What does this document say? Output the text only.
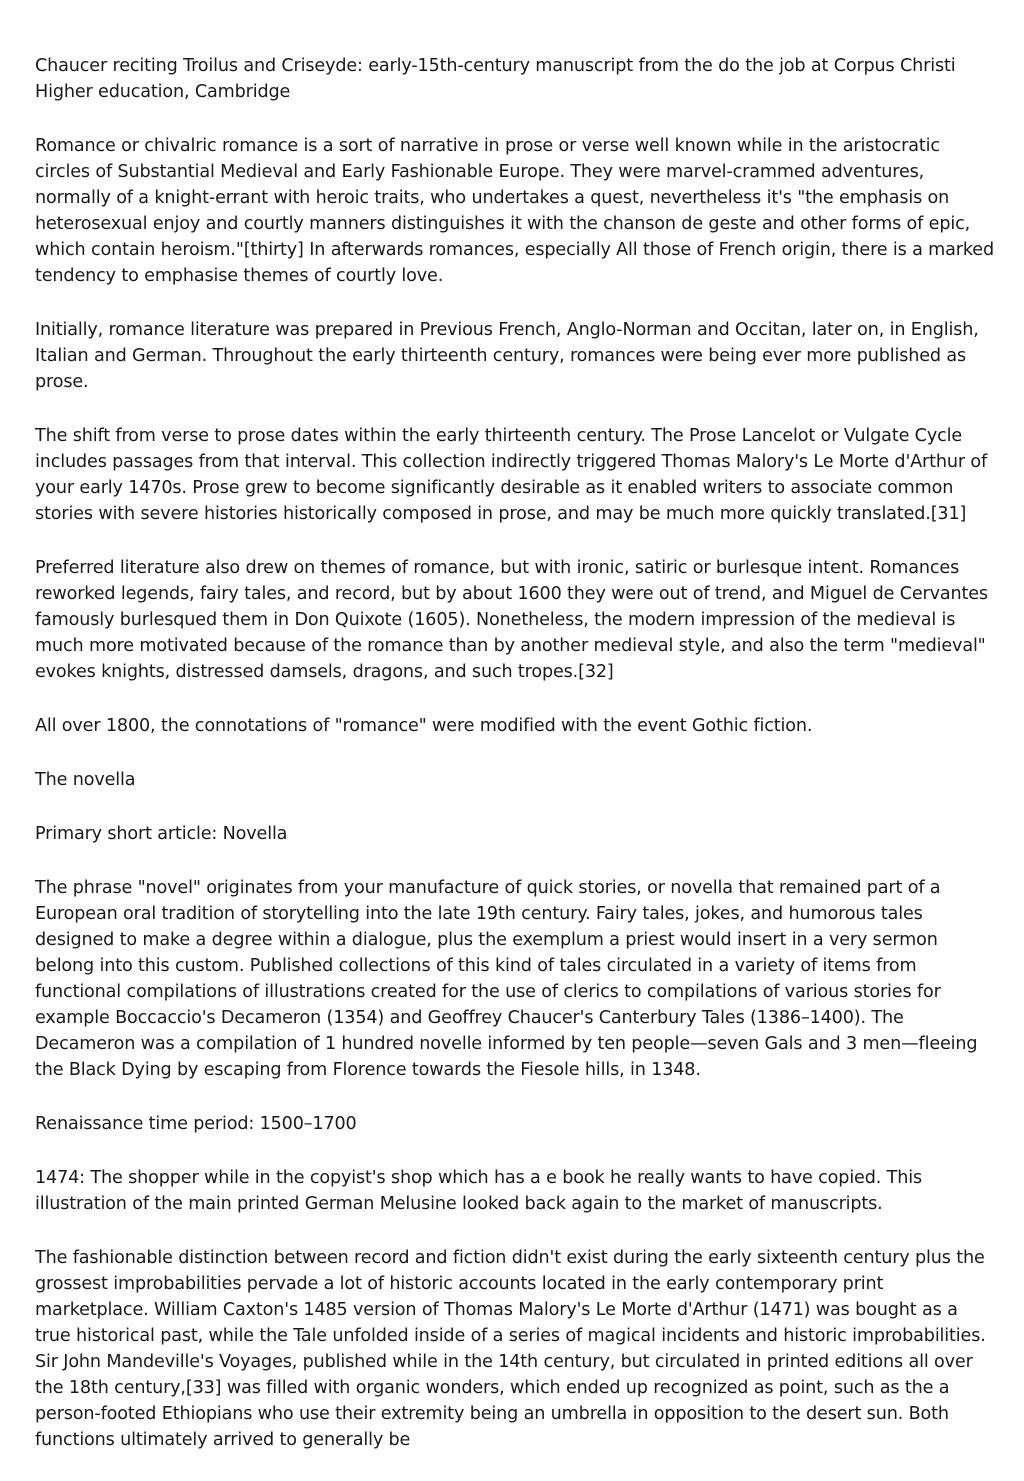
Chaucer reciting Troilus and Criseyde: early-15th-century manuscript from the do the job at Corpus Christi Higher education, Cambridge

Romance or chivalric romance is a sort of narrative in prose or verse well known while in the aristocratic circles of Substantial Medieval and Early Fashionable Europe. They were marvel-crammed adventures, normally of a knight-errant with heroic traits, who undertakes a quest, nevertheless it's "the emphasis on heterosexual enjoy and courtly manners distinguishes it with the chanson de geste and other forms of epic, which contain heroism."[thirty] In afterwards romances, especially All those of French origin, there is a marked tendency to emphasise themes of courtly love.

Initially, romance literature was prepared in Previous French, Anglo-Norman and Occitan, later on, in English, Italian and German. Throughout the early thirteenth century, romances were being ever more published as prose.

The shift from verse to prose dates within the early thirteenth century. The Prose Lancelot or Vulgate Cycle includes passages from that interval. This collection indirectly triggered Thomas Malory's Le Morte d'Arthur of your early 1470s. Prose grew to become significantly desirable as it enabled writers to associate common stories with severe histories historically composed in prose, and may be much more quickly translated.[31]

Preferred literature also drew on themes of romance, but with ironic, satiric or burlesque intent. Romances reworked legends, fairy tales, and record, but by about 1600 they were out of trend, and Miguel de Cervantes famously burlesqued them in Don Quixote (1605). Nonetheless, the modern impression of the medieval is much more motivated because of the romance than by another medieval style, and also the term "medieval" evokes knights, distressed damsels, dragons, and such tropes.[32]

All over 1800, the connotations of "romance" were modified with the event Gothic fiction.

The novella

Primary short article: Novella

The phrase "novel" originates from your manufacture of quick stories, or novella that remained part of a European oral tradition of storytelling into the late 19th century. Fairy tales, jokes, and humorous tales designed to make a degree within a dialogue, plus the exemplum a priest would insert in a very sermon belong into this custom. Published collections of this kind of tales circulated in a variety of items from functional compilations of illustrations created for the use of clerics to compilations of various stories for example Boccaccio's Decameron (1354) and Geoffrey Chaucer's Canterbury Tales (1386–1400). The Decameron was a compilation of 1 hundred novelle informed by ten people—seven Gals and 3 men—fleeing the Black Dying by escaping from Florence towards the Fiesole hills, in 1348.

Renaissance time period: 1500–1700

1474: The shopper while in the copyist's shop which has a e book he really wants to have copied. This illustration of the main printed German Melusine looked back again to the market of manuscripts.

The fashionable distinction between record and fiction didn't exist during the early sixteenth century plus the grossest improbabilities pervade a lot of historic accounts located in the early contemporary print marketplace. William Caxton's 1485 version of Thomas Malory's Le Morte d'Arthur (1471) was bought as a true historical past, while the Tale unfolded inside of a series of magical incidents and historic improbabilities. Sir John Mandeville's Voyages, published while in the 14th century, but circulated in printed editions all over the 18th century,[33] was filled with organic wonders, which ended up recognized as point, such as the a person-footed Ethiopians who use their extremity being an umbrella in opposition to the desert sun. Both functions ultimately arrived to generally be
